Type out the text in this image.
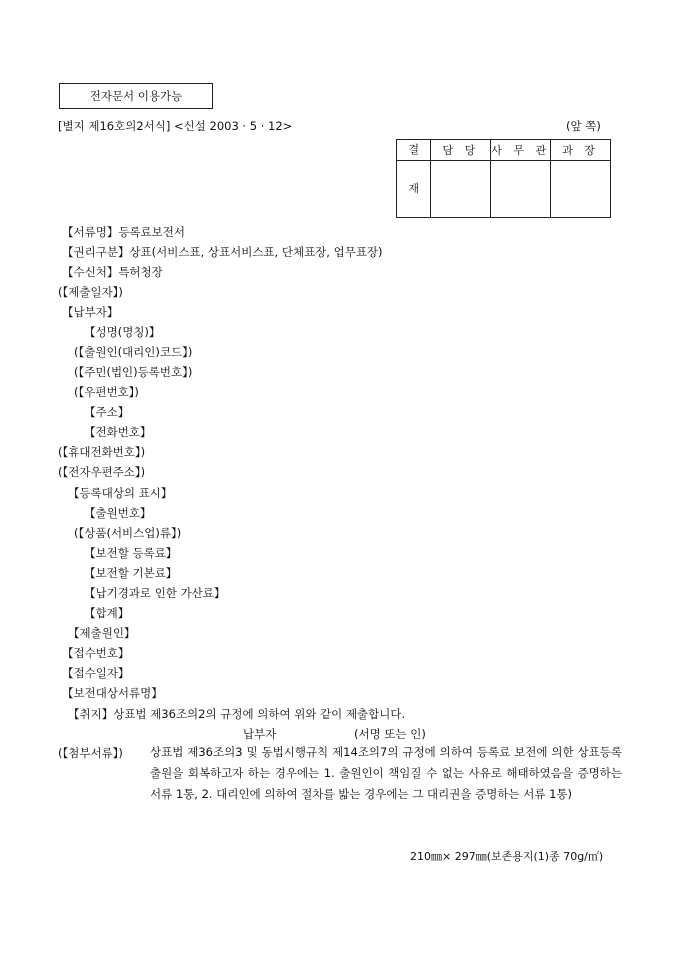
전자문서 이용가능
[별지 제16호의2서식] <신설 2003 · 5 · 12>	(앞 쪽)
결	담 당	사 무 관	과 장
재			
【서류명】등록료보전서
【권리구분】상표(서비스표, 상표서비스표, 단체표장, 업무표장)
【수신처】특허청장
(【제출일자】)
【납부자】
【성명(명칭)】
(【출원인(대리인)코드】)
(【주민(법인)등록번호】)
(【우편번호】)
【주소】
【전화번호】
(【휴대전화번호】)
(【전자우편주소】)
【등록대상의 표시】
【출원번호】
(【상품(서비스업)류】)
【보전할 등록료】
【보전할 기본료】
【납기경과로 인한 가산료】
【합계】
【제출원인】
【접수번호】
【접수일자】
【보전대상서류명】
【취지】상표법 제36조의2의 규정에 의하여 위와 같이 제출합니다.
납부자	(서명 또는 인)
(【첨부서류】) 상표법 제36조의3 및 동법시행규칙 제14조의7의 규정에 의하여 등록료 보전에 의한 상표등록출원을 회복하고자 하는 경우에는 1. 출원인이 책임질 수 없는 사유로 해태하였음을 증명하는 서류 1통, 2. 대리인에 의하여 절차를 밟는 경우에는 그 대리권을 증명하는 서류 1통)
210㎜× 297㎜(보존용지(1)종 70g/㎡)
